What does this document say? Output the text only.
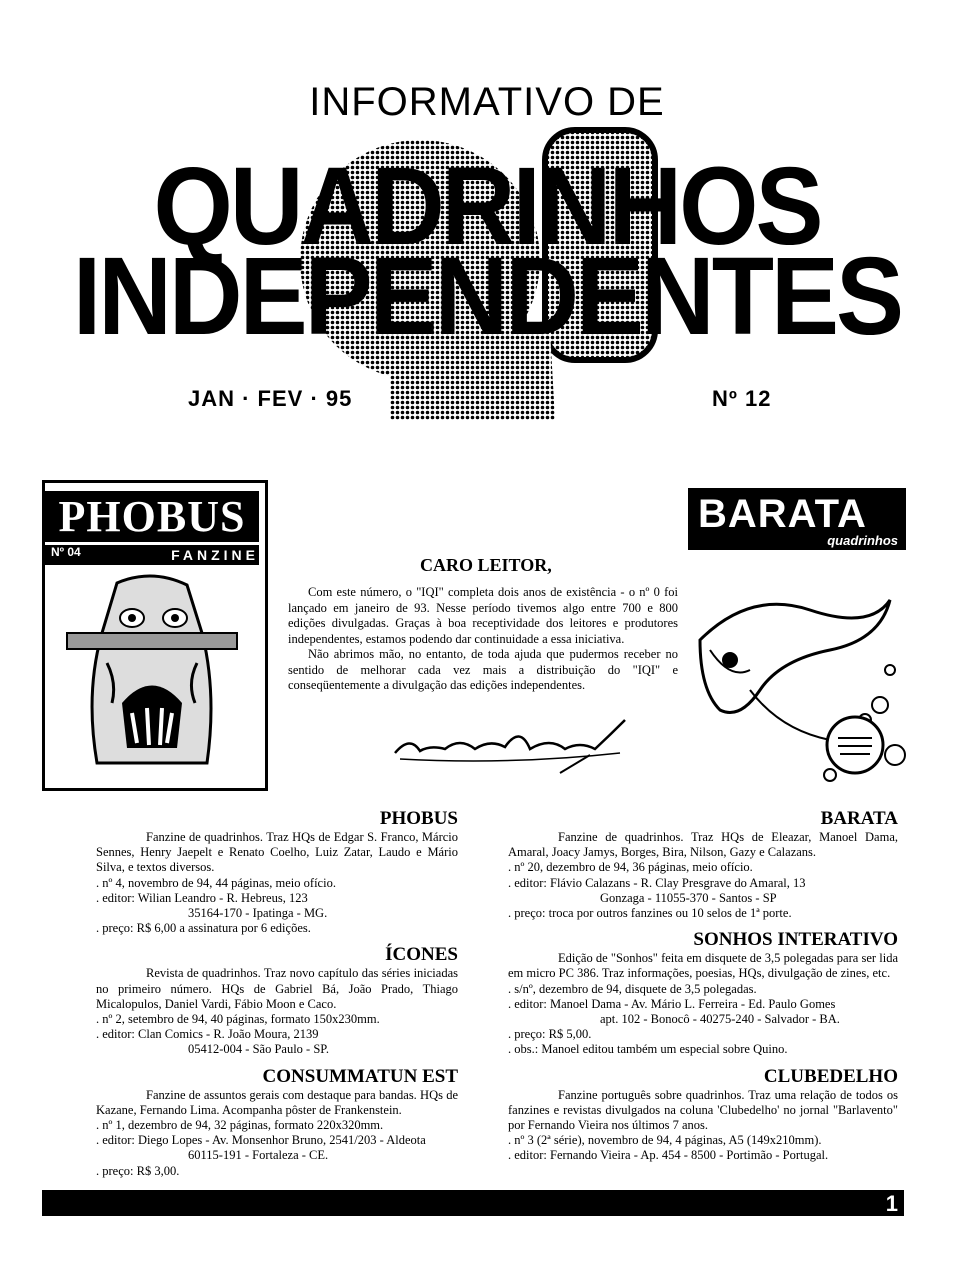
INFORMATIVO DE
QUADRINHOS
INDEPENDENTES
JAN · FEV · 95	Nº 12
PHOBUS
FANZINE
Nº 04
BARATA
quadrinhos
CARO LEITOR,

Com este número, o "IQI" completa dois anos de existência - o nº 0 foi lançado em janeiro de 93. Nesse período tivemos algo entre 700 e 800 edições divulgadas. Graças à boa receptividade dos leitores e produtores independentes, estamos podendo dar continuidade a essa iniciativa.

Não abrimos mão, no entanto, de toda ajuda que pudermos receber no sentido de melhorar cada vez mais a distribuição do "IQI" e conseqüentemente a divulgação das edições independentes.

PHOBUS

Fanzine de quadrinhos. Traz HQs de Edgar S. Franco, Márcio Sennes, Henry Jaepelt e Renato Coelho, Luiz Zatar, Laudo e Mário Silva, e textos diversos.

. nº 4, novembro de 94, 44 páginas, meio ofício.

. editor: Wilian Leandro - R. Hebreus, 123

35164-170 - Ipatinga - MG.

. preço: R$ 6,00 a assinatura por 6 edições.

ÍCONES

Revista de quadrinhos. Traz novo capítulo das séries iniciadas no primeiro número. HQs de Gabriel Bá, João Prado, Thiago Micalopulos, Daniel Vardi, Fábio Moon e Caco.

. nº 2, setembro de 94, 40 páginas, formato 150x230mm.

. editor: Clan Comics - R. João Moura, 2139

05412-004 - São Paulo - SP.

CONSUMMATUN EST

Fanzine de assuntos gerais com destaque para bandas. HQs de Kazane, Fernando Lima. Acompanha pôster de Frankenstein.

. nº 1, dezembro de 94, 32 páginas, formato 220x320mm.

. editor: Diego Lopes - Av. Monsenhor Bruno, 2541/203 - Aldeota

60115-191 - Fortaleza - CE.

. preço: R$ 3,00.

BARATA

Fanzine de quadrinhos. Traz HQs de Eleazar, Manoel Dama, Amaral, Joacy Jamys, Borges, Bira, Nilson, Gazy e Calazans.

. nº 20, dezembro de 94, 36 páginas, meio ofício.

. editor: Flávio Calazans - R. Clay Presgrave do Amaral, 13

Gonzaga - 11055-370 - Santos - SP

. preço: troca por outros fanzines ou 10 selos de 1ª porte.

SONHOS INTERATIVO

Edição de "Sonhos" feita em disquete de 3,5 polegadas para ser lida em micro PC 386. Traz informações, poesias, HQs, divulgação de zines, etc.

. s/nº, dezembro de 94, disquete de 3,5 polegadas.

. editor: Manoel Dama - Av. Mário L. Ferreira - Ed. Paulo Gomes

apt. 102 - Bonocô - 40275-240 - Salvador - BA.

. preço: R$ 5,00.

. obs.: Manoel editou também um especial sobre Quino.

CLUBEDELHO

Fanzine português sobre quadrinhos. Traz uma relação de todos os fanzines e revistas divulgados na coluna 'Clubedelho' no jornal "Barlavento" por Fernando Vieira nos últimos 7 anos.

. nº 3 (2ª série), novembro de 94, 4 páginas, A5 (149x210mm).

. editor: Fernando Vieira - Ap. 454 - 8500 - Portimão - Portugal.

1
